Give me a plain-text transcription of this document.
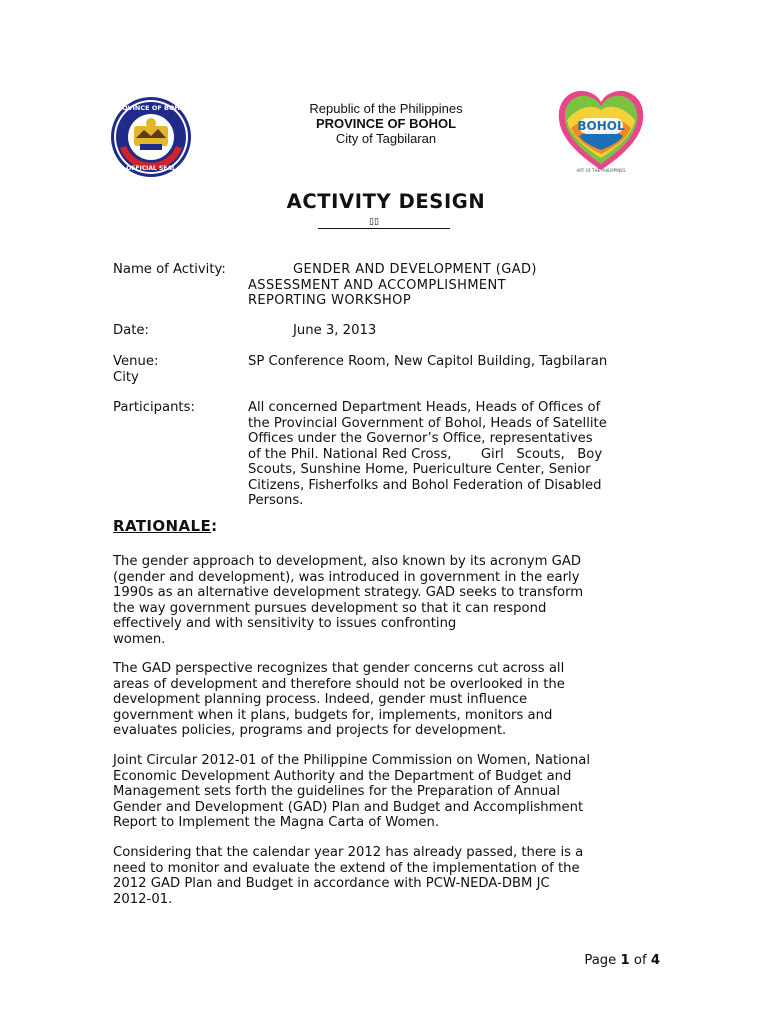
PROVINCE OF BOHOL
OFFICIAL SEAL
Republic of the Philippines
PROVINCE OF BOHOL
City of Tagbilaran
BOHOL
ART OF THE PHILIPPINES
ACTIVITY DESIGN
▯▯
Name of Activity:	GENDER AND DEVELOPMENT (GAD)
ASSESSMENT AND ACCOMPLISHMENT
REPORTING WORKSHOP
Date:	June 3, 2013
Venue:	SP Conference Room, New Capitol Building, Tagbilaran
City
Participants:	All concerned Department Heads, Heads of Offices of
the Provincial Government of Bohol, Heads of Satellite
Offices under the Governor’s Office, representatives
of the Phil. National Red Cross,       Girl   Scouts,   Boy
Scouts, Sunshine Home, Puericulture Center, Senior
Citizens, Fisherfolks and Bohol Federation of Disabled
Persons.
RATIONALE:
The gender approach to development, also known by its acronym GAD
(gender and development), was introduced in government in the early
1990s as an alternative development strategy. GAD seeks to transform
the way government pursues development so that it can respond
effectively and with sensitivity to issues confronting
women.
The GAD perspective recognizes that gender concerns cut across all
areas of development and therefore should not be overlooked in the
development planning process. Indeed, gender must influence
government when it plans, budgets for, implements, monitors and
evaluates policies, programs and projects for development.
Joint Circular 2012-01 of the Philippine Commission on Women, National
Economic Development Authority and the Department of Budget and
Management sets forth the guidelines for the Preparation of Annual
Gender and Development (GAD) Plan and Budget and Accomplishment
Report to Implement the Magna Carta of Women.
Considering that the calendar year 2012 has already passed, there is a
need to monitor and evaluate the extend of the implementation of the
2012 GAD Plan and Budget in accordance with PCW-NEDA-DBM JC
2012-01.
Page 1 of 4
